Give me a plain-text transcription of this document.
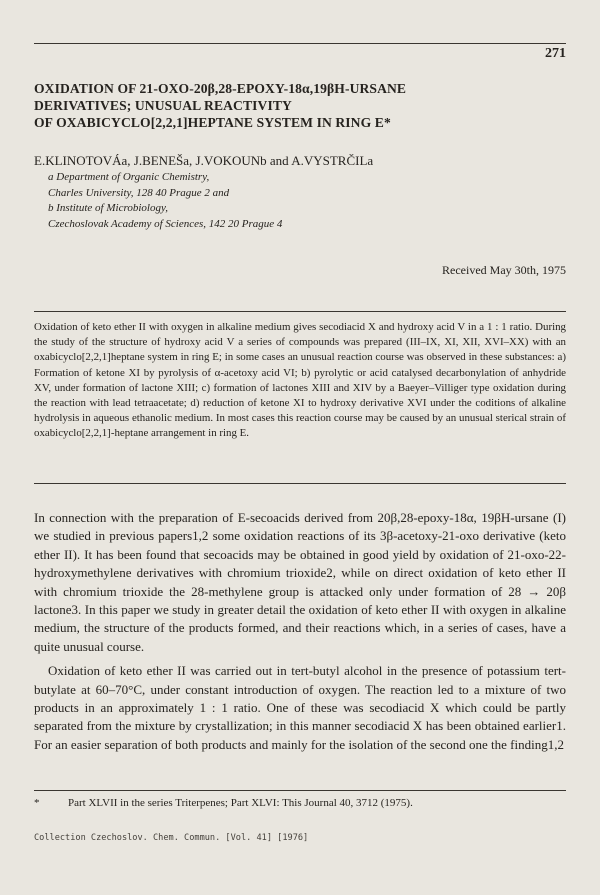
271
OXIDATION OF 21-OXO-20β,28-EPOXY-18α,19βH-URSANE
DERIVATIVES; UNUSUAL REACTIVITY
OF OXABICYCLO[2,2,1]HEPTANE SYSTEM IN RING E*
E.KLINOTOVÁa, J.BENEŠa, J.VOKOUNb and A.VYSTRČILa
a Department of Organic Chemistry,
Charles University, 128 40 Prague 2 and
b Institute of Microbiology,
Czechoslovak Academy of Sciences, 142 20 Prague 4
Received May 30th, 1975
Oxidation of keto ether II with oxygen in alkaline medium gives secodiacid X and hydroxy acid V in a 1 : 1 ratio. During the study of the structure of hydroxy acid V a series of compounds was prepared (III–IX, XI, XII, XVI–XX) with an oxabicyclo[2,2,1]heptane system in ring E; in some cases an unusual reaction course was observed in these substances: a) Formation of ketone XI by pyrolysis of α-acetoxy acid VI; b) pyrolytic or acid catalysed decarbonylation of anhydride XV, under formation of lactone XIII; c) formation of lactones XIII and XIV by a Baeyer–Villiger type oxidation during the reaction with lead tetraacetate; d) reduction of ketone XI to hydroxy derivative XVI under the coditions of alkaline hydrolysis in aqueous ethanolic medium. In most cases this reaction course may be caused by an unusual sterical strain of oxabicyclo[2,2,1]-heptane arrangement in ring E.

In connection with the preparation of E-secoacids derived from 20β,28-epoxy-18α, 19βH-ursane (I) we studied in previous papers1,2 some oxidation reactions of its 3β-acetoxy-21-oxo derivative (keto ether II). It has been found that secoacids may be obtained in good yield by oxidation of 21-oxo-22-hydroxymethylene derivatives with chromium trioxide2, while on direct oxidation of keto ether II with chromium trioxide the 28-methylene group is attacked only under formation of 28 → 20β lactone3. In this paper we study in greater detail the oxidation of keto ether II with oxygen in alkaline medium, the structure of the products formed, and their reactions which, in a series of cases, have a quite unusual course.

Oxidation of keto ether II was carried out in tert-butyl alcohol in the presence of potassium tert-butylate at 60–70°C, under constant introduction of oxygen. The reaction led to a mixture of two products in an approximately 1 : 1 ratio. One of these was secodiacid X which could be partly separated from the mixture by crystallization; in this manner secodiacid X has been obtained earlier1. For an easier separation of both products and mainly for the isolation of the second one the finding1,2

*	Part XLVII in the series Triterpenes; Part XLVI: This Journal 40, 3712 (1975).
Collection Czechoslov. Chem. Commun. [Vol. 41] [1976]
